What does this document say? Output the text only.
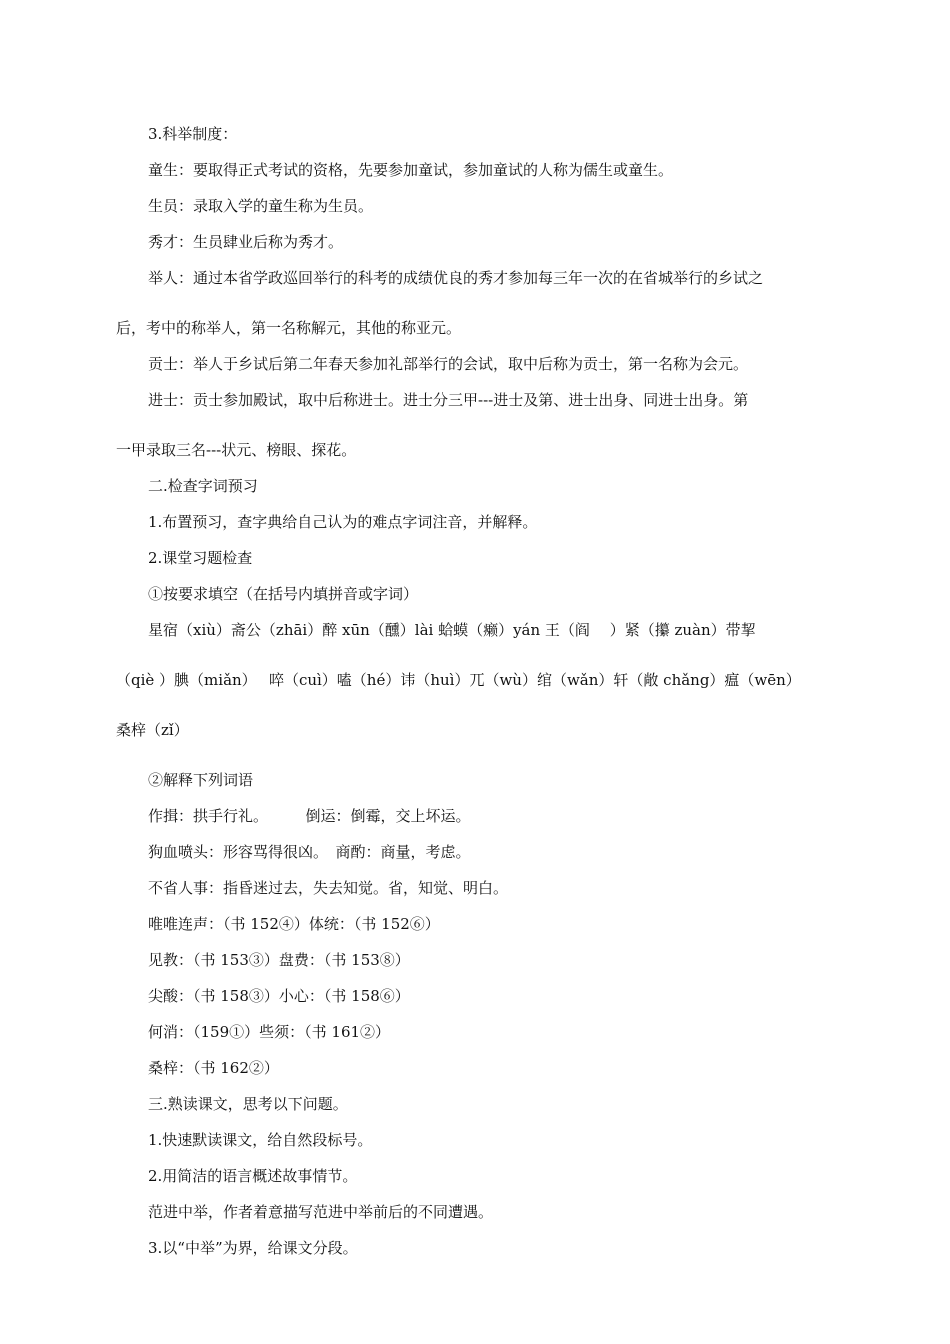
3.科举制度：

童生：要取得正式考试的资格，先要参加童试，参加童试的人称为儒生或童生。

生员：录取入学的童生称为生员。

秀才：生员肆业后称为秀才。

举人：通过本省学政巡回举行的科考的成绩优良的秀才参加每三年一次的在省城举行的乡试之

后，考中的称举人，第一名称解元，其他的称亚元。

贡士：举人于乡试后第二年春天参加礼部举行的会试，取中后称为贡士，第一名称为会元。

进士：贡士参加殿试，取中后称进士。进士分三甲---进士及第、进士出身、同进士出身。第

一甲录取三名---状元、榜眼、探花。

二.检查字词预习

1.布置预习，查字典给自己认为的难点字词注音，并解释。

2.课堂习题检查

①按要求填空（在括号内填拼音或字词）

星宿（xiù）斋公（zhāi）醉 xūn（醺）lài 蛤蟆（癞）yán 王（阎　 ）紧（攥 zuàn）带挈

（qiè ）腆（miǎn）　 啐（cuì）嗑（hé）讳（huì）兀（wù）绾（wǎn）轩（敞 chǎng）瘟（wēn）

桑梓（zǐ）

②解释下列词语

作揖：拱手行礼。　　　倒运：倒霉，交上坏运。

狗血喷头：形容骂得很凶。　商酌：商量，考虑。

不省人事：指昏迷过去，失去知觉。省，知觉、明白。

唯唯连声：（书 152④）体统：（书 152⑥）

见教：（书 153③）盘费：（书 153⑧）

尖酸：（书 158③）小心：（书 158⑥）

何消：（159①）些须：（书 161②）

桑梓：（书 162②）

三.熟读课文，思考以下问题。

1.快速默读课文，给自然段标号。

2.用简洁的语言概述故事情节。

范进中举，作者着意描写范进中举前后的不同遭遇。

3.以“中举”为界，给课文分段。
